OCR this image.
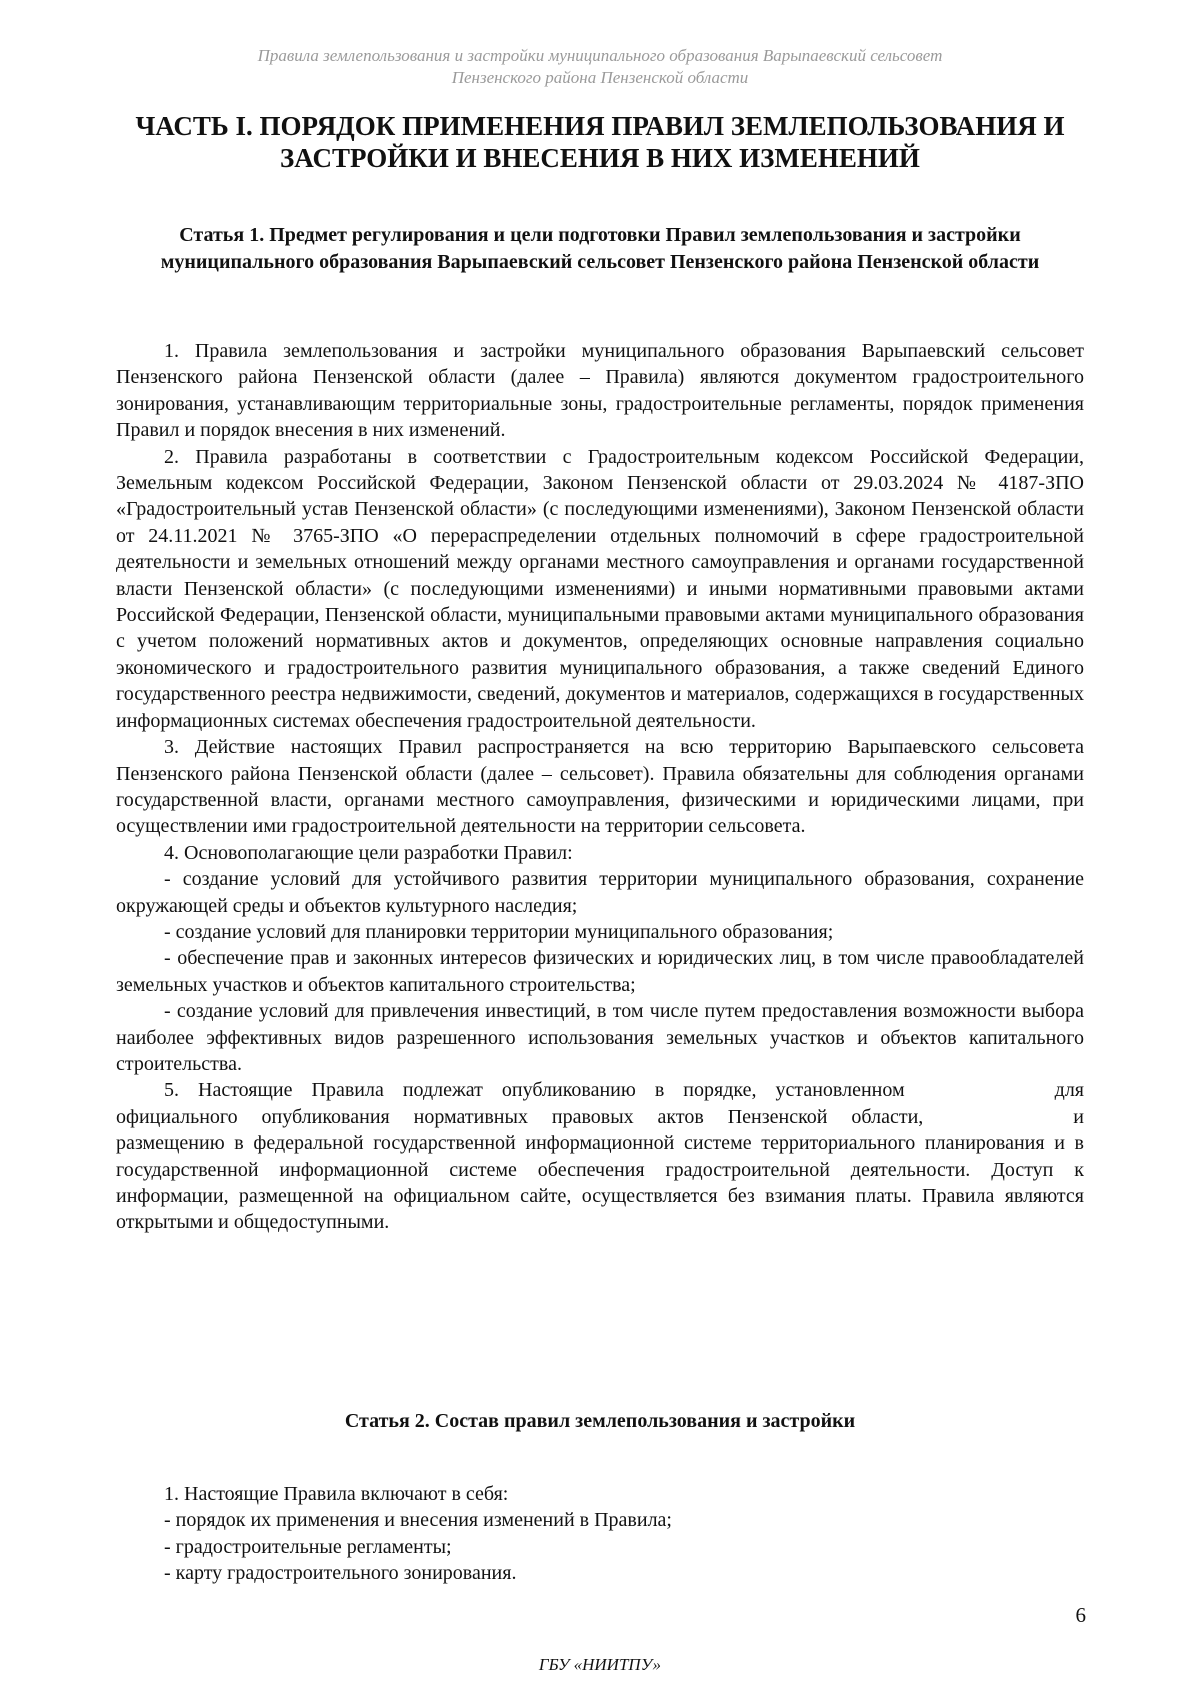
Правила землепользования и застройки муниципального образования Варыпаевский сельсовет
Пензенского района Пензенской области
ЧАСТЬ I. ПОРЯДОК ПРИМЕНЕНИЯ ПРАВИЛ ЗЕМЛЕПОЛЬЗОВАНИЯ И
ЗАСТРОЙКИ И ВНЕСЕНИЯ В НИХ ИЗМЕНЕНИЙ
Статья 1. Предмет регулирования и цели подготовки Правил землепользования и застройки муниципального образования Варыпаевский сельсовет Пензенского района Пензенской области

1. Правила землепользования и застройки муниципального образования Варыпаевский сельсовет Пензенского района Пензенской области (далее – Правила) являются документом градостроительного зонирования, устанавливающим территориальные зоны, градостроительные регламенты, порядок применения Правил и порядок внесения в них изменений.

2. Правила разработаны в соответствии с Градостроительным кодексом Российской Федерации, Земельным кодексом Российской Федерации, Законом Пензенской области от 29.03.2024 № 4187-ЗПО «Градостроительный устав Пензенской области» (с последующими изменениями), Законом Пензенской области от 24.11.2021 № 3765-ЗПО «О перераспределении отдельных полномочий в сфере градостроительной деятельности и земельных отношений между органами местного самоуправления и органами государственной власти Пензенской области» (с последующими изменениями) и иными нормативными правовыми актами Российской Федерации, Пензенской области, муниципальными правовыми актами муниципального образования с учетом положений нормативных актов и документов, определяющих основные направления социально экономического и градостроительного развития муниципального образования, а также сведений Единого государственного реестра недвижимости, сведений, документов и материалов, содержащихся в государственных информационных системах обеспечения градостроительной деятельности.

3. Действие настоящих Правил распространяется на всю территорию Варыпаевского сельсовета Пензенского района Пензенской области (далее – сельсовет). Правила обязательны для соблюдения органами государственной власти, органами местного самоуправления, физическими и юридическими лицами, при осуществлении ими градостроительной деятельности на территории сельсовета.

4. Основополагающие цели разработки Правил:

- создание условий для устойчивого развития территории муниципального образования, сохранение окружающей среды и объектов культурного наследия;

- создание условий для планировки территории муниципального образования;

- обеспечение прав и законных интересов физических и юридических лиц, в том числе правообладателей земельных участков и объектов капитального строительства;

- создание условий для привлечения инвестиций, в том числе путем предоставления возможности выбора наиболее эффективных видов разрешенного использования земельных участков и объектов капитального строительства.

5. Настоящие Правила подлежат опубликованию в порядке, установленном	для официального опубликования нормативных правовых актов Пензенской области,	и размещению в федеральной государственной информационной системе территориального планирования и в государственной информационной системе обеспечения градостроительной деятельности. Доступ к информации, размещенной на официальном сайте, осуществляется без взимания платы. Правила являются открытыми и общедоступными.

Статья 2. Состав правил землепользования и застройки

1. Настоящие Правила включают в себя:

- порядок их применения и внесения изменений в Правила;

- градостроительные регламенты;

- карту градостроительного зонирования.

6
ГБУ «НИИТПУ»
